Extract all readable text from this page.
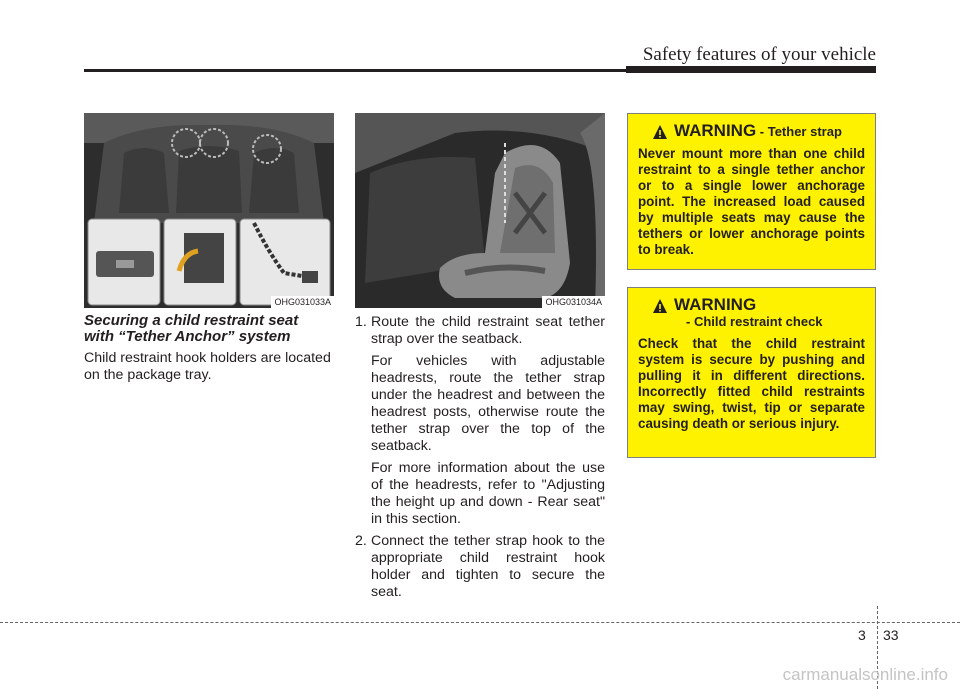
Safety features of your vehicle
OHG031033A	OHG031034A
Securing a child restraint seat
with “Tether Anchor” system
Child restraint hook holders are located on the package tray.
1. Route the child restraint seat tether strap over the seatback.

For vehicles with adjustable headrests, route the tether strap under the headrest and between the headrest posts, otherwise route the tether strap over the top of the seatback.

For more information about the use of the headrests, refer to "Adjusting the height up and down - Rear seat" in this section.

2. Connect the tether strap hook to the appropriate child restraint hook holder and tighten to secure the seat.
WARNING - Tether strap
Never mount more than one child restraint to a single tether anchor or to a single lower anchorage point. The increased load caused by multiple seats may cause the tethers or lower anchorage points to break.
WARNING
- Child restraint check
Check that the child restraint system is secure by pushing and pulling it in different directions. Incorrectly fitted child restraints may swing, twist, tip or separate causing death or serious injury.
3 33
carmanualsonline.info
